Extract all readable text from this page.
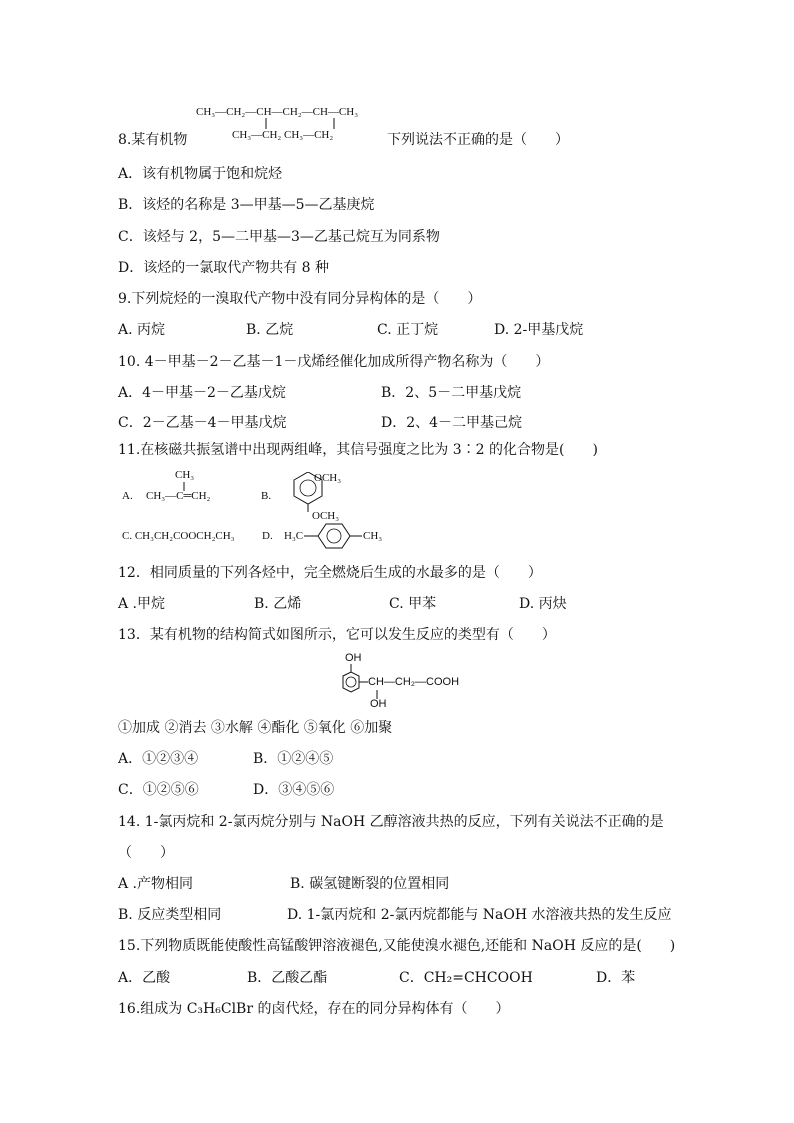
CH₃—CH₂—CH—CH₂—CH—CH₃
CH₃—CH₂ CH₃—CH₂
8.某有机物	下列说法不正确的是（　　）
A．该有机物属于饱和烷烃
B．该烃的名称是 3—甲基—5—乙基庚烷
C．该烃与 2，5—二甲基—3—乙基己烷互为同系物
D．该烃的一氯取代产物共有 8 种
9.下列烷烃的一溴取代产物中没有同分异构体的是（　　）
A. 丙烷	B. 乙烷	C. 正丁烷	D. 2-甲基戊烷
10. 4－甲基－2－乙基－1－戊烯经催化加成所得产物名称为（　　）
A．4－甲基－2－乙基戊烷	B．2、5－二甲基戊烷
C．2－乙基－4－甲基戊烷	D．2、4－二甲基己烷
11.在核磁共振氢谱中出现两组峰，其信号强度之比为 3∶2 的化合物是(　　)
CH₃
A. CH₃—C═CH₂	B.
OCH₃
OCH₃
C. CH₃CH₂COOCH₂CH₃ D. H₃C	CH₃
12．相同质量的下列各烃中，完全燃烧后生成的水最多的是（　　）
A .甲烷	B. 乙烯	C. 甲苯	D. 丙炔
13．某有机物的结构简式如图所示，它可以发生反应的类型有（　　）
OH
CH—CH₂—COOH
OH
①加成 ②消去 ③水解 ④酯化 ⑤氧化 ⑥加聚
A．①②③④	B．①②④⑤
C．①②⑤⑥	D．③④⑤⑥
14. 1-氯丙烷和 2-氯丙烷分别与 NaOH 乙醇溶液共热的反应，下列有关说法不正确的是
（　　）
A .产物相同	B. 碳氢键断裂的位置相同
B. 反应类型相同	D. 1-氯丙烷和 2-氯丙烷都能与 NaOH 水溶液共热的发生反应
15.下列物质既能使酸性高锰酸钾溶液褪色,又能使溴水褪色,还能和 NaOH 反应的是(　　)
A．乙酸	B．乙酸乙酯	C．CH₂=CHCOOH	D．苯
16.组成为 C₃H₆ClBr 的卤代烃，存在的同分异构体有（　　）
